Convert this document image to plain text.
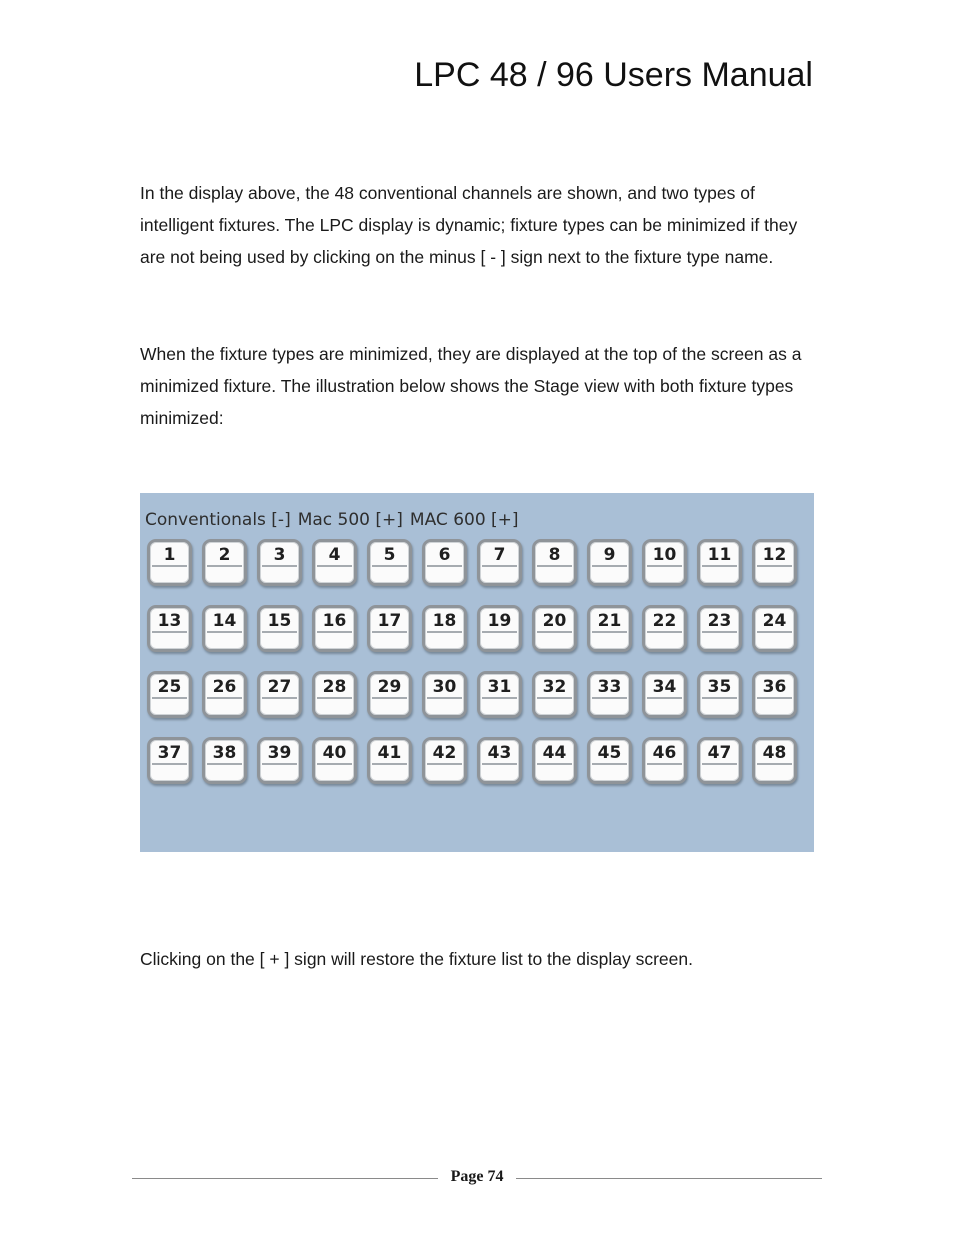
LPC 48 / 96 Users Manual

In the display above, the 48 conventional channels are shown, and two types of intelligent fixtures. The LPC display is dynamic; fixture types can be minimized if they are not being used by clicking on the minus [ - ] sign next to the fixture type name.

When the fixture types are minimized, they are displayed at the top of the screen as a minimized fixture. The illustration below shows the Stage view with both fixture types minimized:

Conventionals [-] Mac 500 [+] MAC 600 [+]
1	2	3	4	5	6	7	8	9	10	11	12
13	14	15	16	17	18	19	20	21	22	23	24
25	26	27	28	29	30	31	32	33	34	35	36
37	38	39	40	41	42	43	44	45	46	47	48

Clicking on the [ + ] sign will restore the fixture list to the display screen.

Page 74
